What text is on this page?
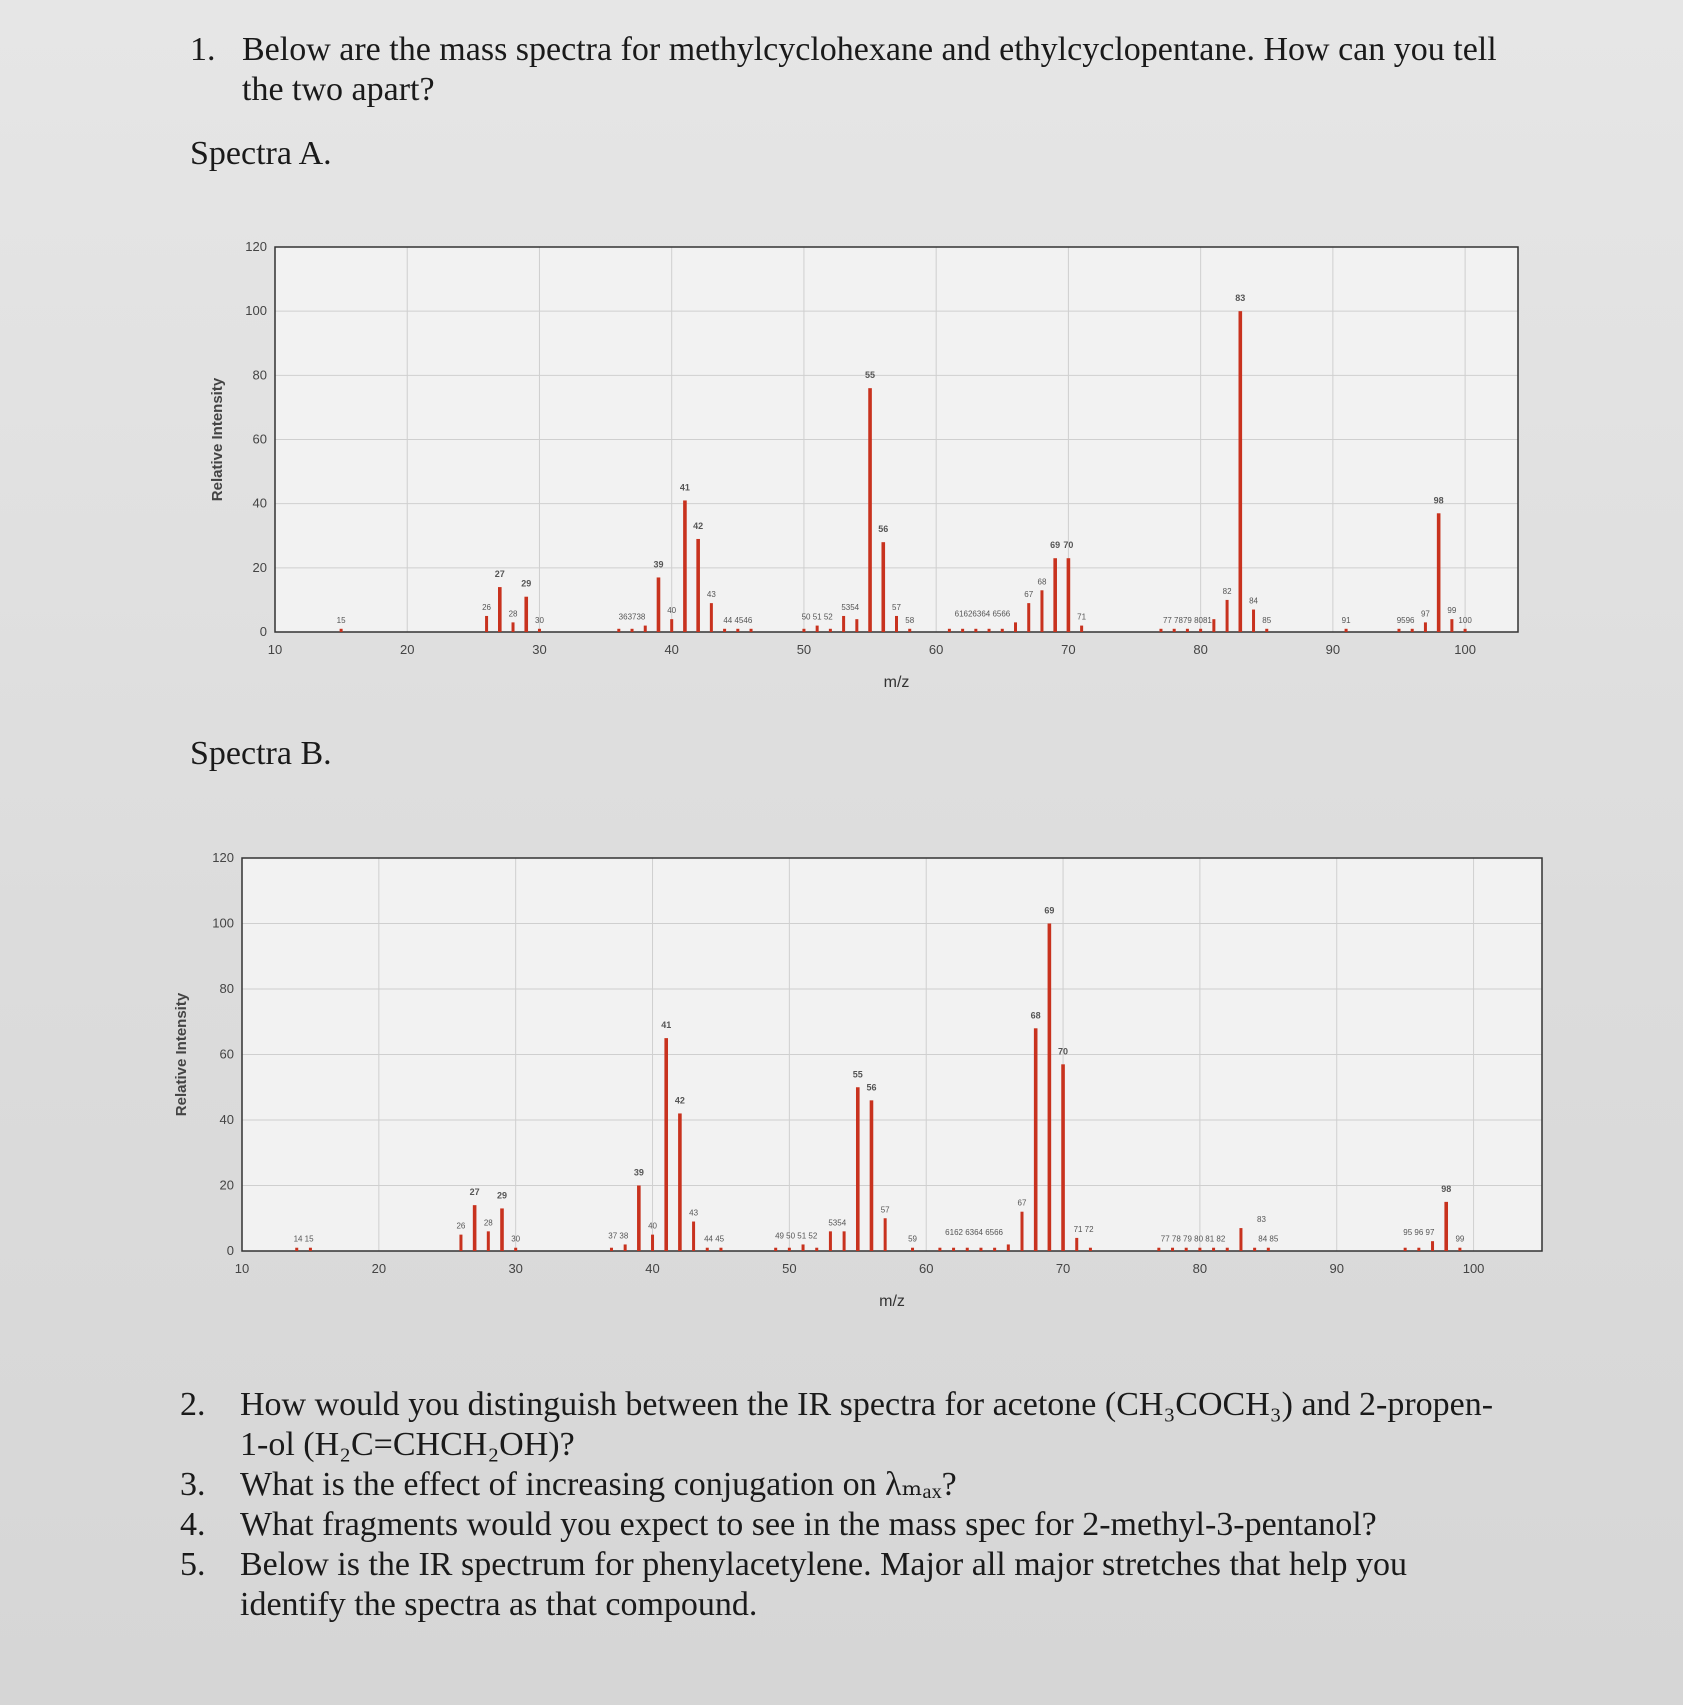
1. Below are the mass spectra for methylcyclohexane and ethylcyclopentane. How can you tell the two apart?
Spectra A.
10	20	30	40	50	60	70	80	90	100
0
20
40
60
80
100
120
m/z
Relative Intensity
27
29
39
41
42
55
56
69 70
83
98
15
26
28
30	363738
40
43
44 4546	50 51 52
5354	57
58
61626364 6566
67
68
71	77 7879 8081
82
84
85	91	9596
97 99
100
Spectra B.
10	20	30	40	50	60	70	80	90	100
0
20
40
60
80
100
120
m/z
Relative Intensity
27 29
39
41
42
55
56
68
69
70
98
14 15
26 28
30	37 38
40
43
44 45	49 50 51 52
5354
57
59
6162 6364 6566
67
71 72
77 78 79 80 81 82
83
84 85
95 96 97
99
2. How would you distinguish between the IR spectra for acetone (CH₃COCH₃) and 2-propen-1-ol (H₂C=CHCH₂OH)?
3. What is the effect of increasing conjugation on λₘₐₓ?
4. What fragments would you expect to see in the mass spec for 2-methyl-3-pentanol?
5. Below is the IR spectrum for phenylacetylene. Major all major stretches that help you identify the spectra as that compound.
